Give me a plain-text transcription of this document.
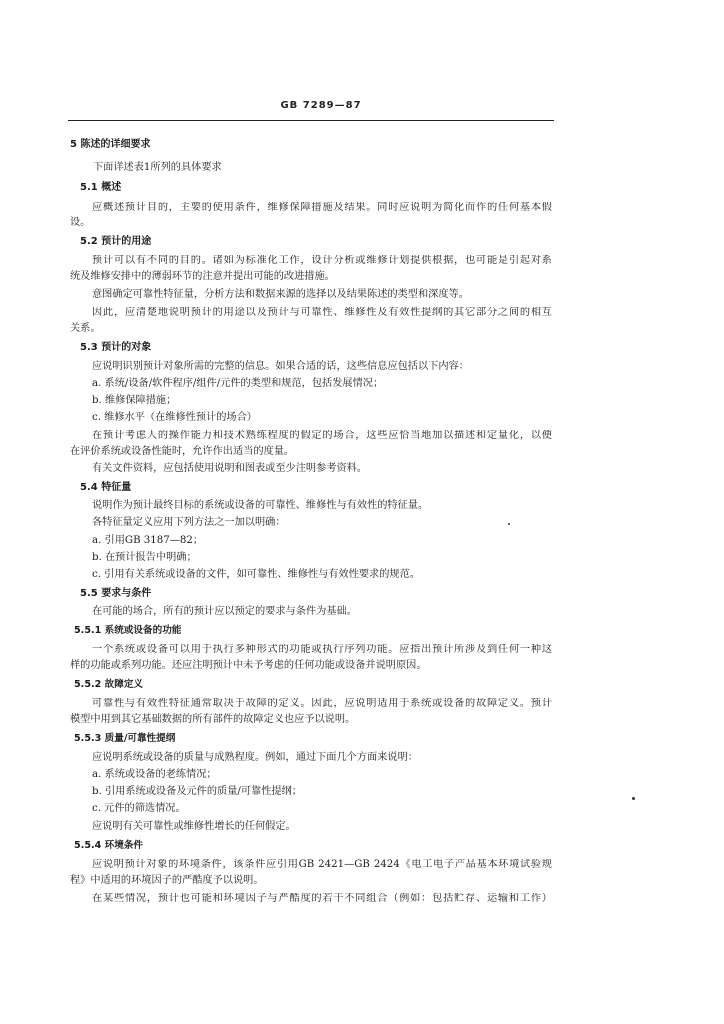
GB 7289—87
5 陈述的详细要求
下面详述表1所列的具体要求
5.1 概述
应概述预计目的，主要的使用条件，维修保障措施及结果。同时应说明为简化而作的任何基本假
设。
5.2 预计的用途
预计可以有不同的目的。诸如为标准化工作，设计分析或维修计划提供根据，也可能是引起对系
统及维修安排中的薄弱环节的注意并提出可能的改进措施。
意图确定可靠性特征量，分析方法和数据来源的选择以及结果陈述的类型和深度等。
因此，应清楚地说明预计的用途以及预计与可靠性、维修性及有效性提纲的其它部分之间的相互
关系。
5.3 预计的对象
应说明识别预计对象所需的完整的信息。如果合适的话，这些信息应包括以下内容：
a. 系统/设备/软件程序/组件/元件的类型和规范，包括发展情况；
b. 维修保障措施；
c. 维修水平（在维修性预计的场合）
在预计考虑人的操作能力和技术熟练程度的假定的场合，这些应恰当地加以描述和定量化，以便
在评价系统或设备性能时，允许作出适当的度量。
有关文件资料，应包括使用说明和图表或至少注明参考资料。
5.4 特征量
说明作为预计最终目标的系统或设备的可靠性、维修性与有效性的特征量。
各特征量定义应用下列方法之一加以明确：
a. 引用GB 3187—82；
b. 在预计报告中明确；
c. 引用有关系统或设备的文件，如可靠性、维修性与有效性要求的规范。
5.5 要求与条件
在可能的场合，所有的预计应以预定的要求与条件为基础。
5.5.1 系统或设备的功能
一个系统或设备可以用于执行多种形式的功能或执行序列功能。应指出预计所涉及到任何一种这
样的功能或系列功能。还应注明预计中未予考虑的任何功能或设备并说明原因。
5.5.2 故障定义
可靠性与有效性特征通常取决于故障的定义。因此，应说明适用于系统或设备的故障定义。预计
模型中用到其它基础数据的所有部件的故障定义也应予以说明。
5.5.3 质量/可靠性提纲
应说明系统或设备的质量与成熟程度。例如，通过下面几个方面来说明：
a. 系统或设备的老练情况；
b. 引用系统或设备及元件的质量/可靠性提纲；
c. 元件的筛选情况。
应说明有关可靠性或维修性增长的任何假定。
5.5.4 环境条件
应说明预计对象的环境条件，该条件应引用GB 2421—GB 2424《电工电子产品基本环境试验规
程》中适用的环境因子的严酷度予以说明。
在某些情况，预计也可能和环境因子与严酷度的若干不同组合（例如：包括贮存、运输和工作）
